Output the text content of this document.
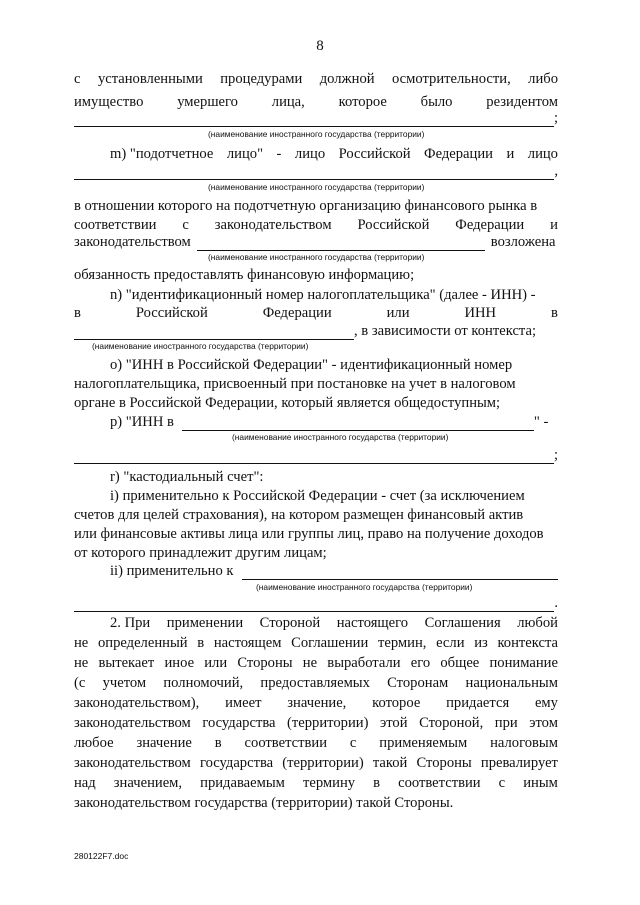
8
с установленными процедурами должной осмотрительности, либо
имущество умершего лица, которое было резидентом
;
(наименование иностранного государства (территории)
m) "подотчетное лицо" - лицо Российской Федерации и лицо
,
(наименование иностранного государства (территории)
в отношении которого на подотчетную организацию финансового рынка в
соответствии с законодательством Российской Федерации и
законодательством	возложена
(наименование иностранного государства (территории)
обязанность предоставлять финансовую информацию;
n) "идентификационный номер налогоплательщика" (далее - ИНН) -
в	Российской	Федерации	или	ИНН	в
, в зависимости от контекста;
(наименование иностранного государства (территории)
о) "ИНН в Российской Федерации" - идентификационный номер
налогоплательщика, присвоенный при постановке на учет в налоговом
органе в Российской Федерации, который является общедоступным;
р) "ИНН в	" -
(наименование иностранного государства (территории)
;
r) "кастодиальный счет":
i) применительно к Российской Федерации - счет (за исключением
счетов для целей страхования), на котором размещен финансовый актив
или финансовые активы лица или группы лиц, право на получение доходов
от которого принадлежит другим лицам;
ii) применительно к
(наименование иностранного государства (территории)
.
2. При применении Стороной настоящего Соглашения любой
не определенный в настоящем Соглашении термин, если из контекста
не вытекает иное или Стороны не выработали его общее понимание
(с учетом полномочий, предоставляемых Сторонам национальным
законодательством), имеет значение, которое придается ему
законодательством государства (территории) этой Стороной, при этом
любое значение в соответствии с применяемым налоговым
законодательством государства (территории) такой Стороны превалирует
над значением, придаваемым термину в соответствии с иным
законодательством государства (территории) такой Стороны.
280122F7.doc
